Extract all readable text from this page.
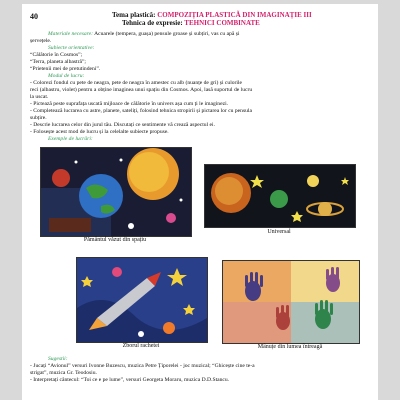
40	Tema plastică: COMPOZIȚIA PLASTICĂ DIN IMAGINAȚIE III
Tehnica de expresie: TEHNICI COMBINATE
Materiale necesare: Acuarele (tempera, guașa) pensule groase și subțiri, vas cu apă și
șervețele.
Subiecte orientative:
“Călătorie în Cosmos”;
“Terra, planeta albastră”;
“Prietenii mei de pretutindeni”.
Modul de lucru:
- Colorezi fondul cu pete de neagra, pete de neagra în amestec cu alb (nuanțe de gri) și culorile
reci (albastru, violet) pentru a obține imaginea unui spațiu din Cosmos. Apoi, lasă suportul de lucru
la uscat.
- Pictează peste suprafața uscată mijloace de călătorie în univers așa cum ți le imaginezi.
- Completează lucrarea cu astre, planete, sateliți, folosind tehnica stropirii și pictarea lor cu pensula
subțire.
- Descrie lucrarea celor din jurul tău. Discutați ce sentimente vă crează aspectul ei.
- Folosește acest mod de lucru și la celelalte subiecte propuse.
Exemple de lucrări:
Pământul văzut din spațiu
Universal
Zborul rachetei	Mânuțe din lumea întreagă
Sugestii:
- Jucați “Avionul” versuri Ivonne Buzescu, muzica Petre Țiporelei - joc muzical; “Ghicește cine te-a
strigat”, muzica Gr. Teodosiu.
- Interpretați cântecul: “Toi ce e pe lume”, versuri Georgeta Moraru, muzica D.D.Stancu.
